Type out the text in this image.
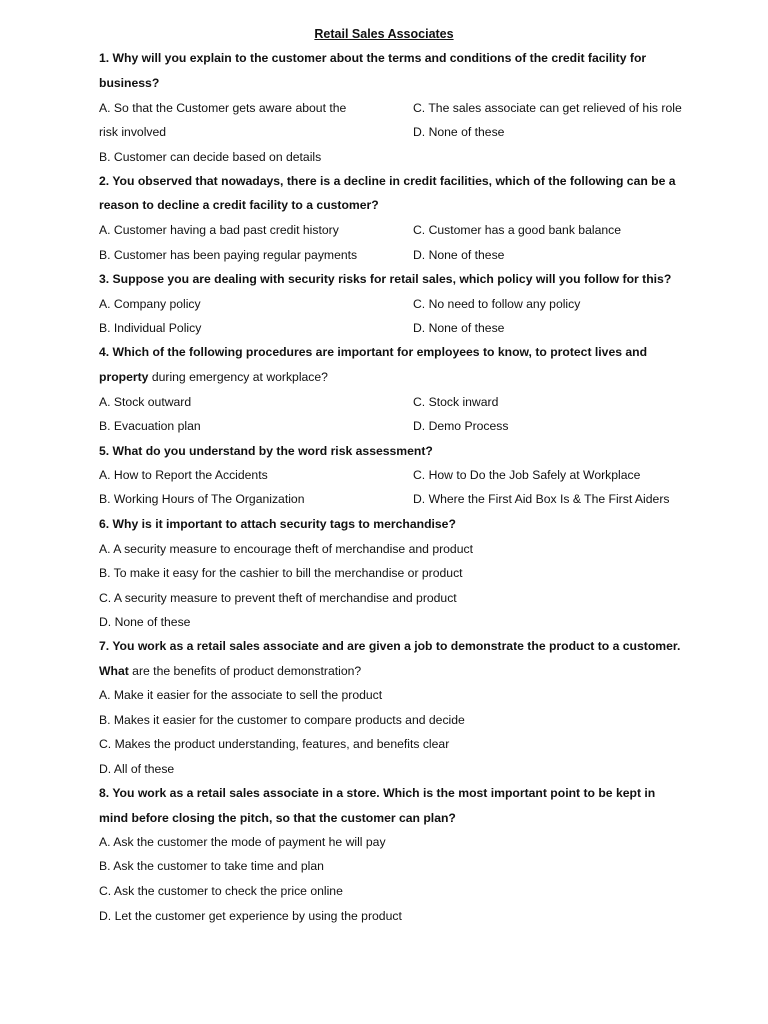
Retail Sales Associates
1. Why will you explain to the customer about the terms and conditions of the credit facility for
business?
A. So that the Customer gets aware about the
risk involved
B. Customer can decide based on details
C. The sales associate can get relieved of his role
D. None of these
2. You observed that nowadays, there is a decline in credit facilities, which of the following can be a
reason to decline a credit facility to a customer?
A. Customer having a bad past credit history
B. Customer has been paying regular payments
C. Customer has a good bank balance
D. None of these
3. Suppose you are dealing with security risks for retail sales, which policy will you follow for this?
A. Company policy
B. Individual Policy
C. No need to follow any policy
D. None of these
4. Which of the following procedures are important for employees to know, to protect lives and
property during emergency at workplace?
A. Stock outward
B. Evacuation plan
C. Stock inward
D. Demo Process
5. What do you understand by the word risk assessment?
A. How to Report the Accidents
B. Working Hours of The Organization
C. How to Do the Job Safely at Workplace
D. Where the First Aid Box Is & The First Aiders
6. Why is it important to attach security tags to merchandise?
A. A security measure to encourage theft of merchandise and product
B. To make it easy for the cashier to bill the merchandise or product
C. A security measure to prevent theft of merchandise and product
D. None of these
7. You work as a retail sales associate and are given a job to demonstrate the product to a customer.
What are the benefits of product demonstration?
A. Make it easier for the associate to sell the product
B. Makes it easier for the customer to compare products and decide
C. Makes the product understanding, features, and benefits clear
D. All of these
8. You work as a retail sales associate in a store. Which is the most important point to be kept in
mind before closing the pitch, so that the customer can plan?
A. Ask the customer the mode of payment he will pay
B. Ask the customer to take time and plan
C. Ask the customer to check the price online
D. Let the customer get experience by using the product
